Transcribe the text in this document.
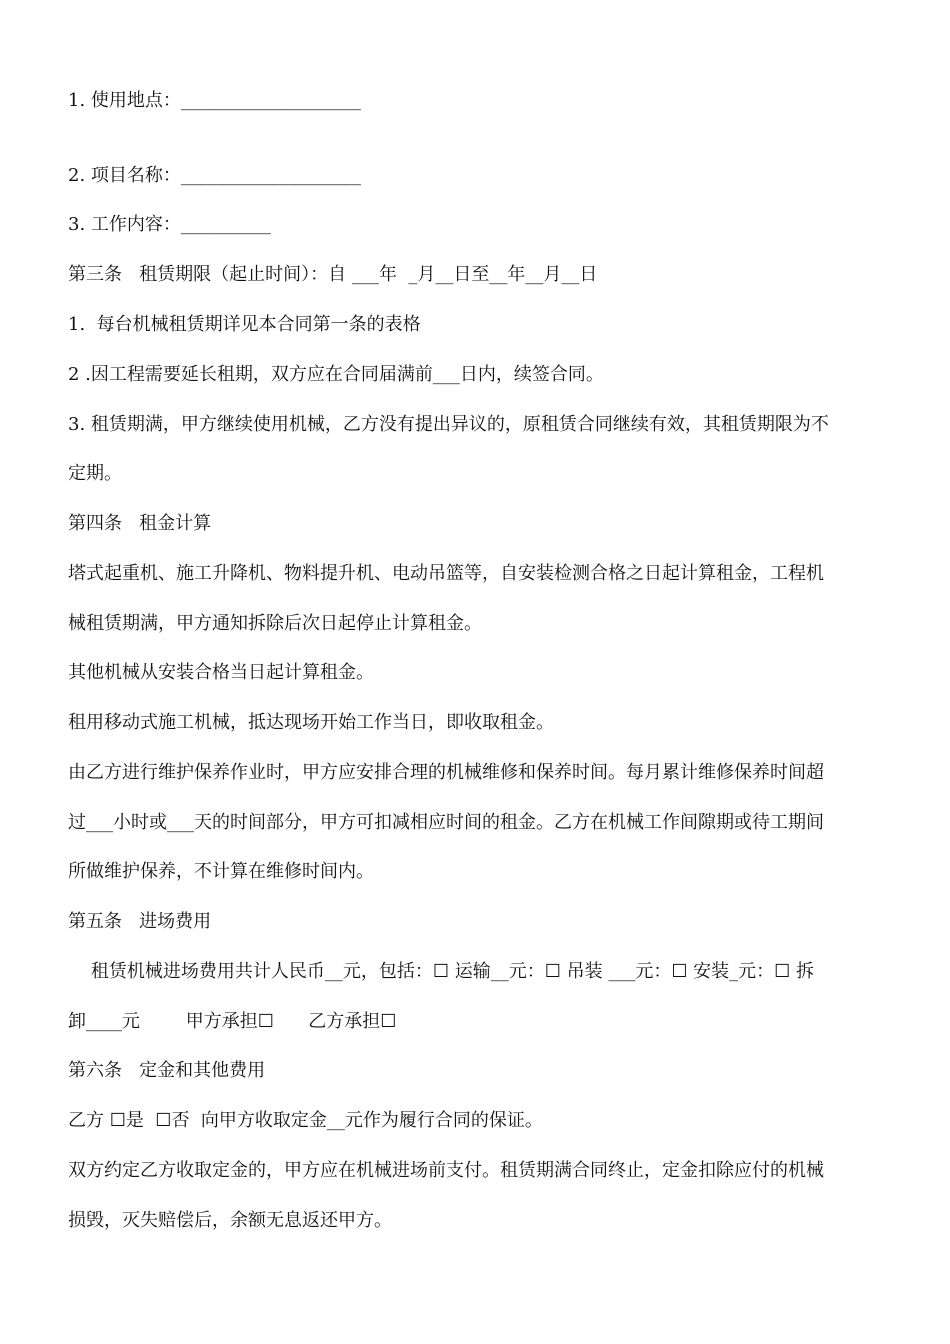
1. 使用地点：____________________
2. 项目名称：____________________
3. 工作内容：__________
第三条   租赁期限（起止时间）：自 ___年  _月__日至__年__月__日
1.  每台机械租赁期详见本合同第一条的表格
2 .因工程需要延长租期，双方应在合同届满前___日内，续签合同。
3. 租赁期满，甲方继续使用机械，乙方没有提出异议的，原租赁合同继续有效，其租赁期限为不
定期。
第四条   租金计算
塔式起重机、施工升降机、物料提升机、电动吊篮等，自安装检测合格之日起计算租金，工程机
械租赁期满，甲方通知拆除后次日起停止计算租金。
其他机械从安装合格当日起计算租金。
租用移动式施工机械，抵达现场开始工作当日，即收取租金。
由乙方进行维护保养作业时，甲方应安排合理的机械维修和保养时间。每月累计维修保养时间超
过___小时或___天的时间部分，甲方可扣减相应时间的租金。乙方在机械工作间隙期或待工期间
所做维护保养，不计算在维修时间内。
第五条   进场费用
租赁机械进场费用共计人民币__元，包括：☐ 运输__元：☐ 吊装 ___元：☐ 安装_元：☐ 拆
卸____元        甲方承担☐      乙方承担☐
第六条   定金和其他费用
乙方 ☐是  ☐否  向甲方收取定金__元作为履行合同的保证。
双方约定乙方收取定金的，甲方应在机械进场前支付。租赁期满合同终止，定金扣除应付的机械
损毁，灭失赔偿后，余额无息返还甲方。
